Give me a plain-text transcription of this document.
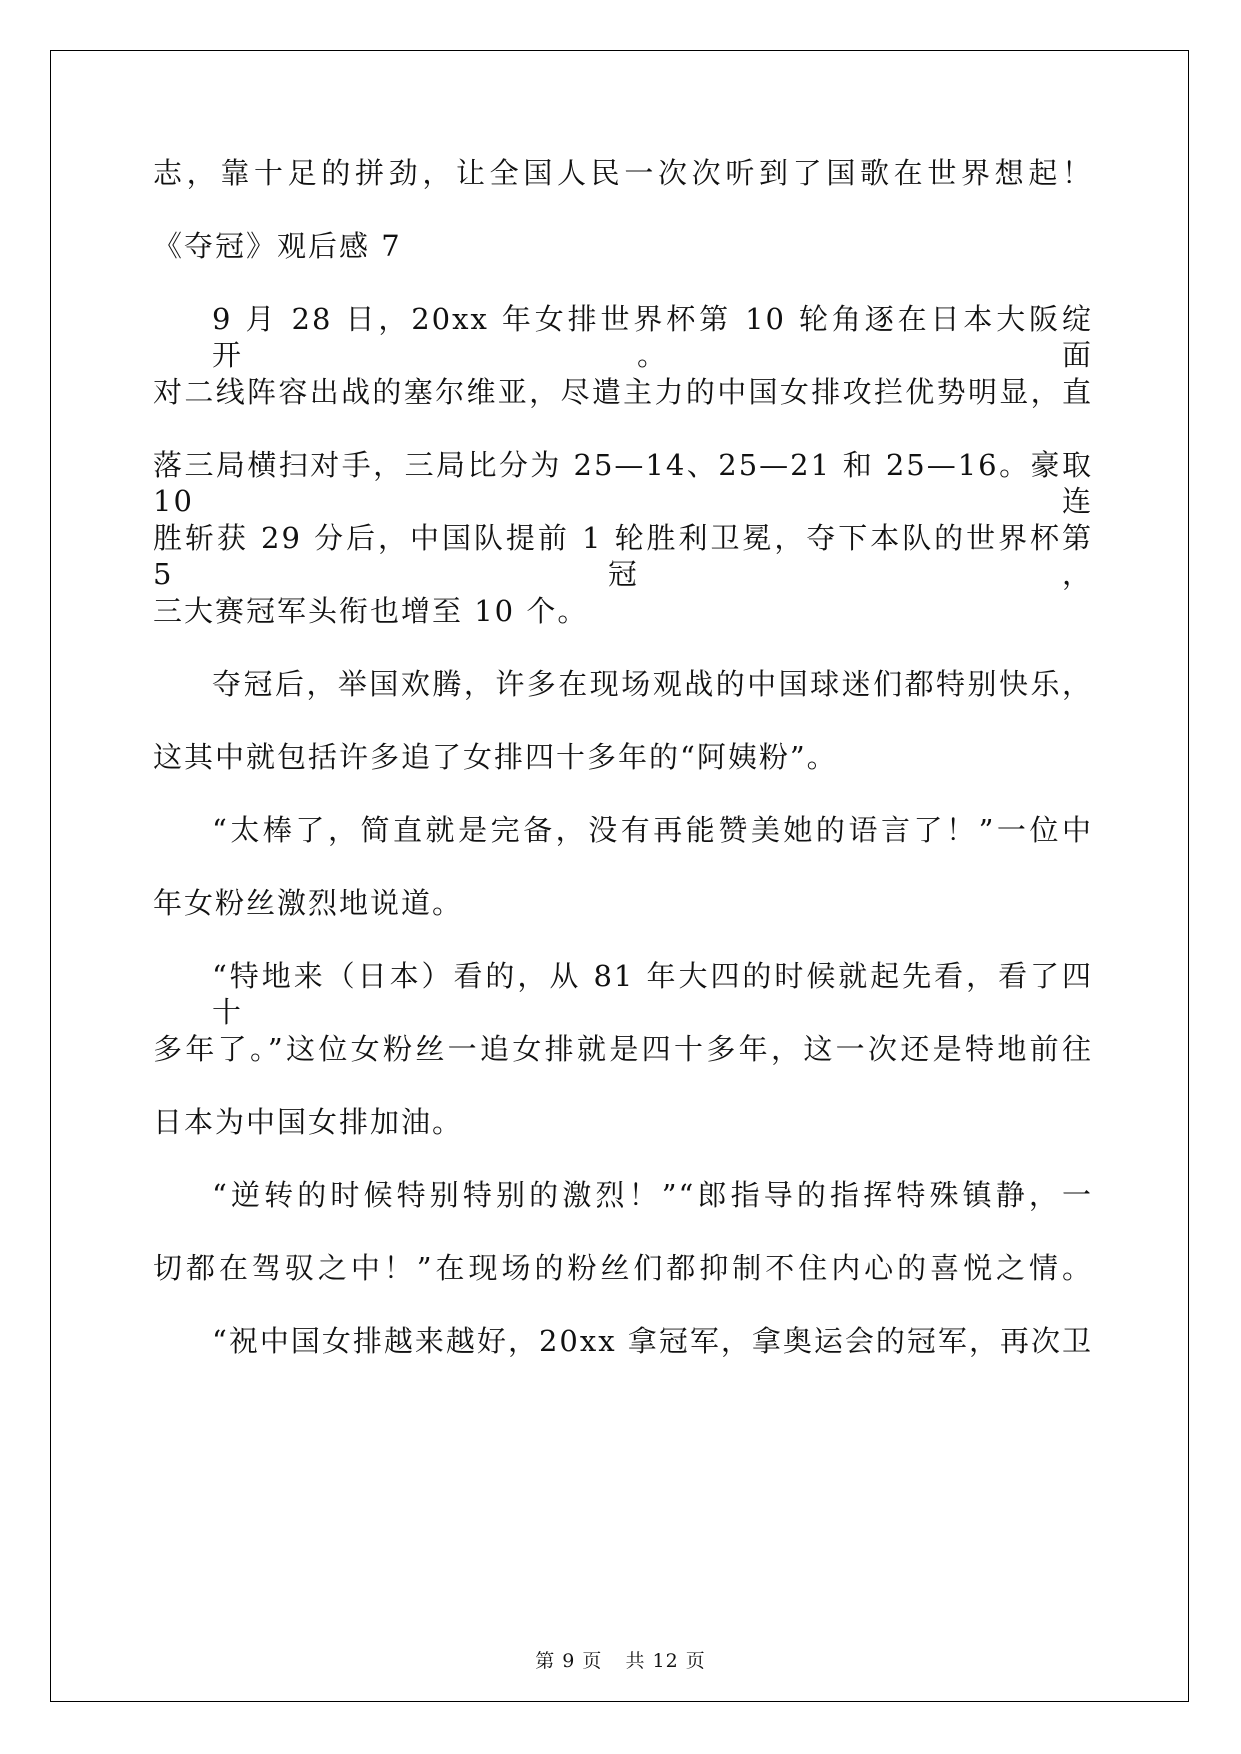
志，靠十足的拼劲，让全国人民一次次听到了国歌在世界想起！
《夺冠》观后感 7
9 月 28 日，20xx 年女排世界杯第 10 轮角逐在日本大阪绽开。面
对二线阵容出战的塞尔维亚，尽遣主力的中国女排攻拦优势明显，直
落三局横扫对手，三局比分为 25—14、25—21 和 25—16。豪取 10 连
胜斩获 29 分后，中国队提前 1 轮胜利卫冕，夺下本队的世界杯第 5 冠，
三大赛冠军头衔也增至 10 个。
夺冠后，举国欢腾，许多在现场观战的中国球迷们都特别快乐，
这其中就包括许多追了女排四十多年的“阿姨粉”。
“太棒了，简直就是完备，没有再能赞美她的语言了！”一位中
年女粉丝激烈地说道。
“特地来（日本）看的，从 81 年大四的时候就起先看，看了四十
多年了。”这位女粉丝一追女排就是四十多年，这一次还是特地前往
日本为中国女排加油。
“逆转的时候特别特别的激烈！”“郎指导的指挥特殊镇静，一
切都在驾驭之中！”在现场的粉丝们都抑制不住内心的喜悦之情。
“祝中国女排越来越好，20xx 拿冠军，拿奥运会的冠军，再次卫
第 9 页 共 12 页
